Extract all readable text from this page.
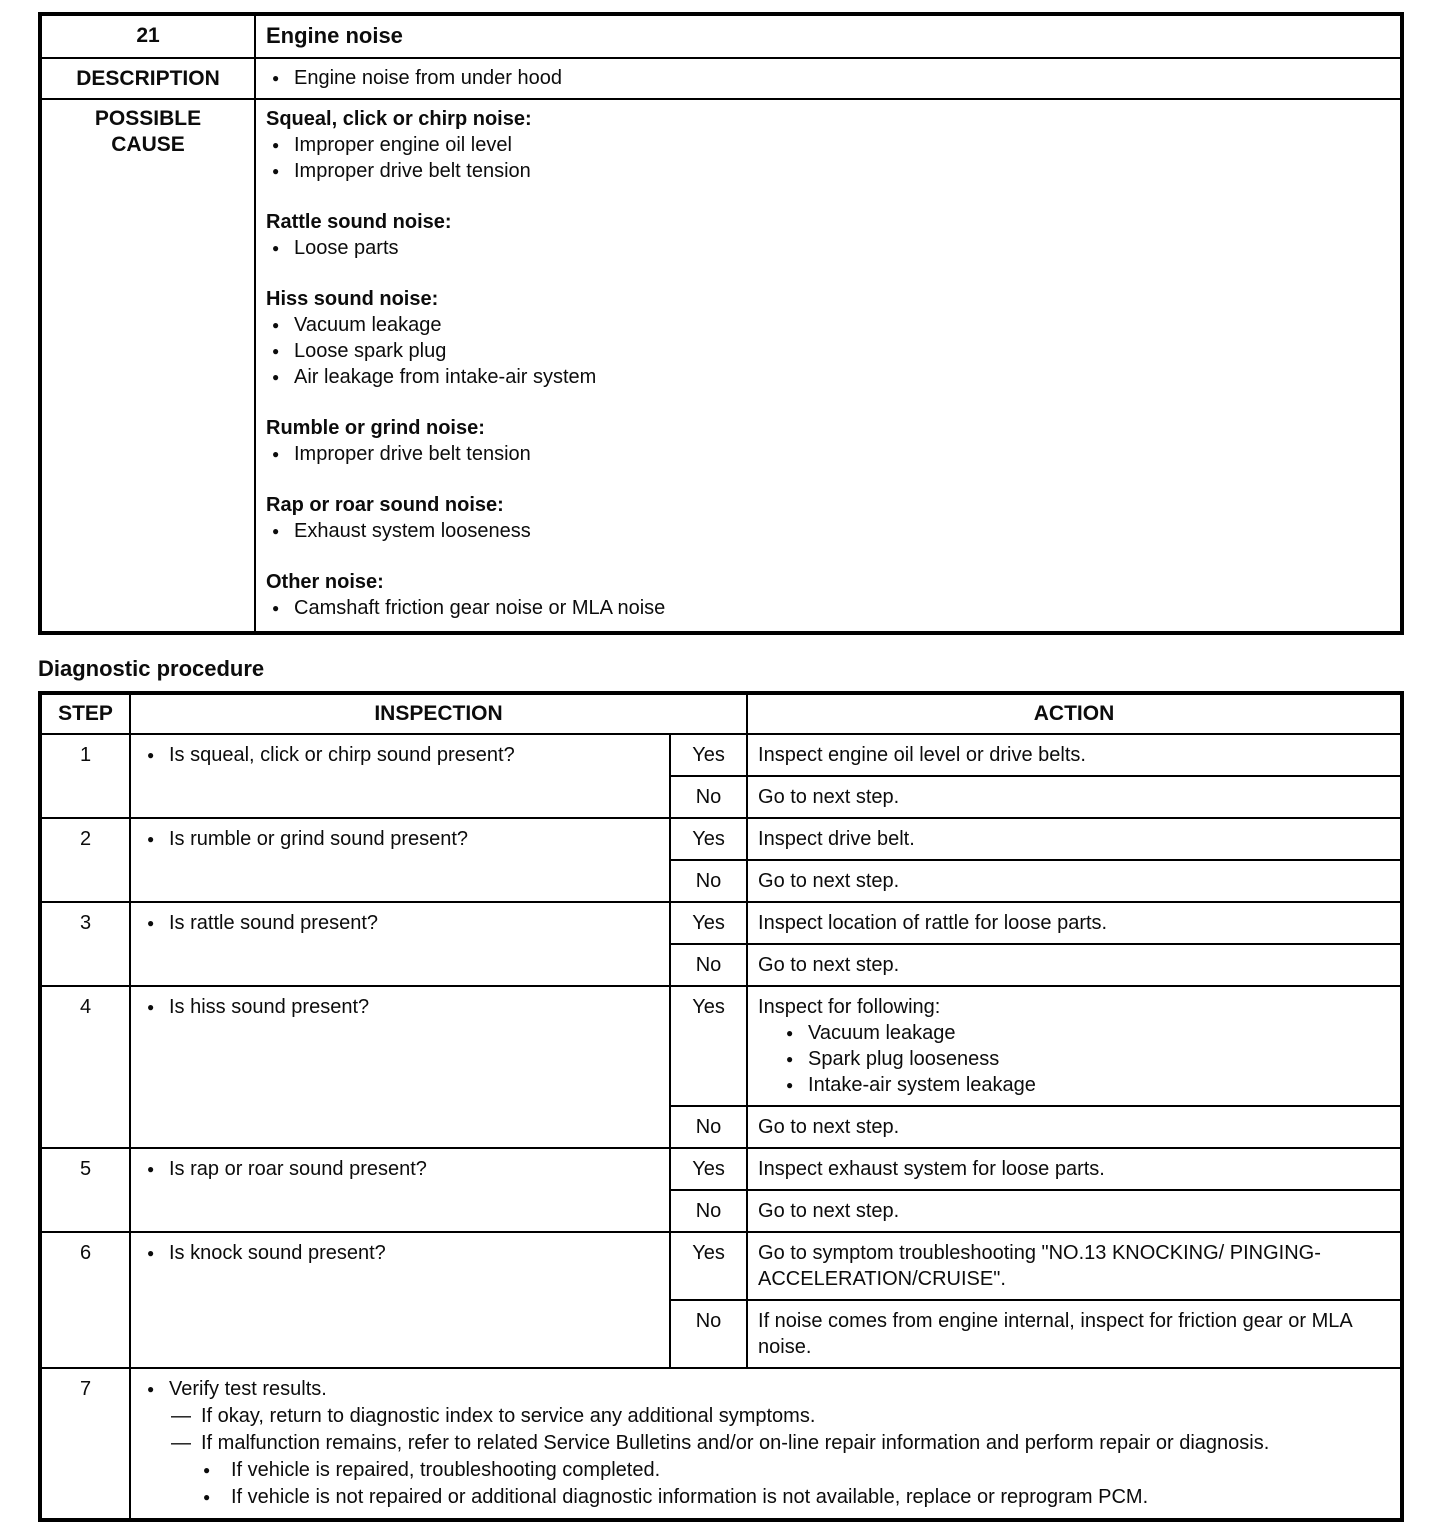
21	Engine noise
DESCRIPTION	● Engine noise from under hood

POSSIBLE
CAUSE

Squeal, click or chirp noise:
● Improper engine oil level
● Improper drive belt tension
Rattle sound noise:
● Loose parts
Hiss sound noise:
● Vacuum leakage
● Loose spark plug
● Air leakage from intake-air system
Rumble or grind noise:
● Improper drive belt tension
Rap or roar sound noise:
● Exhaust system looseness
Other noise:
● Camshaft friction gear noise or MLA noise
Diagnostic procedure
STEP	INSPECTION		ACTION
1	● Is squeal, click or chirp sound present?	Yes	Inspect engine oil level or drive belts.
		No	Go to next step.
2	● Is rumble or grind sound present?	Yes	Inspect drive belt.
		No	Go to next step.
3	● Is rattle sound present?	Yes	Inspect location of rattle for loose parts.
		No	Go to next step.
4	● Is hiss sound present?	Yes	Inspect for following:
● Vacuum leakage
● Spark plug looseness
● Intake-air system leakage

		No	Go to next step.
5	● Is rap or roar sound present?	Yes	Inspect exhaust system for loose parts.
		No	Go to next step.
6	● Is knock sound present?	Yes	Go to symptom troubleshooting "NO.13 KNOCKING/ PINGING-ACCELERATION/CRUISE".
		No	If noise comes from engine internal, inspect for friction gear or MLA noise.
7	● Verify test results.
— If okay, return to diagnostic index to service any additional symptoms.
— If malfunction remains, refer to related Service Bulletins and/or on-line repair information and perform repair or diagnosis.
●	If vehicle is repaired, troubleshooting completed.
●	If vehicle is not repaired or additional diagnostic information is not available, replace or reprogram PCM.
